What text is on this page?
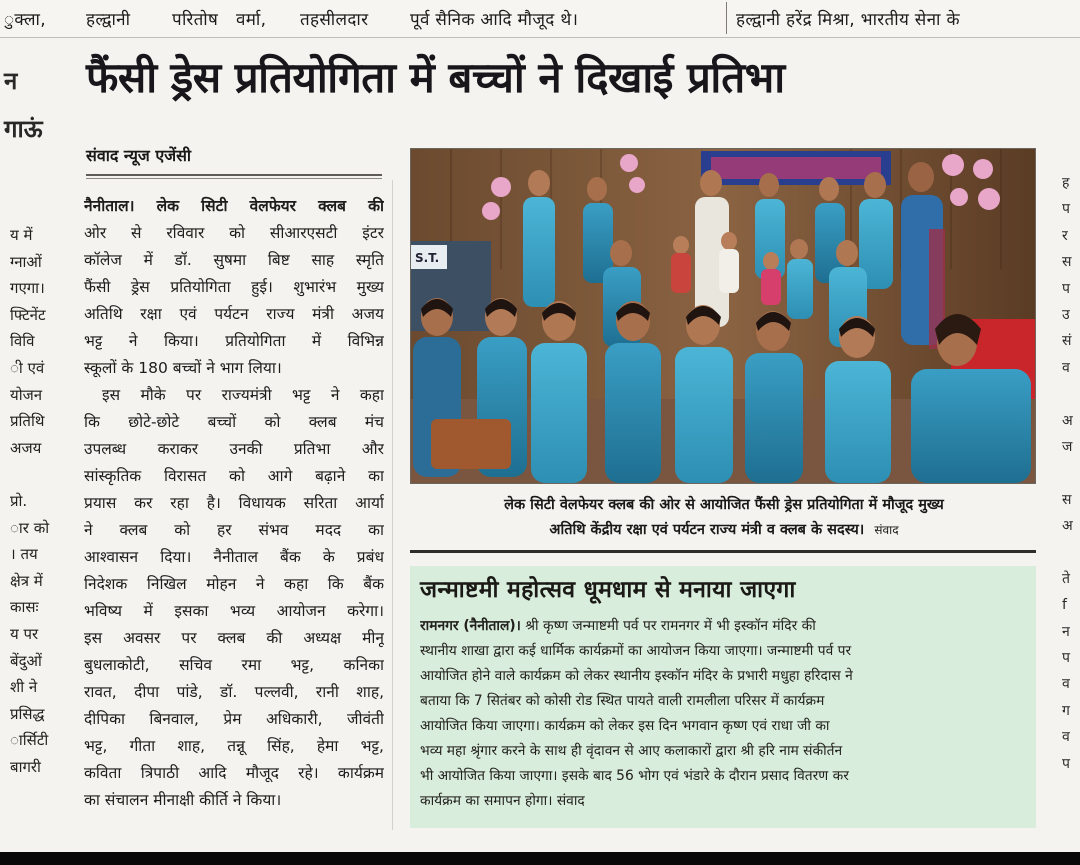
ुक्ला, हल्द्वानी परितोष वर्मा, तहसीलदार पूर्व सैनिक आदि मौजूद थे।	हल्द्वानी हरेंद्र मिश्रा, भारतीय सेना के
न
गाऊं
य में
ग्नाओं
गएगा।
फ्टिनेंट
विवि
ी एवं
योजन
प्रतिथि
अजय
प्रो.
ार को
। तय
क्षेत्र में
कासः
य पर
बेंदुओं
शी ने
प्रसिद्ध
ार्सिटी
बागरी
फैंसी ड्रेस प्रतियोगिता में बच्चों ने दिखाई प्रतिभा
संवाद न्यूज एजेंसी
नैनीताल। लेक सिटी वेलफेयर क्लब की
ओर से रविवार को सीआरएसटी इंटर
कॉलेज में डॉ. सुषमा बिष्ट साह स्मृति
फैंसी ड्रेस प्रतियोगिता हुई। शुभारंभ मुख्य
अतिथि रक्षा एवं पर्यटन राज्य मंत्री अजय
भट्ट ने किया। प्रतियोगिता में विभिन्न
स्कूलों के 180 बच्चों ने भाग लिया।
इस मौके पर राज्यमंत्री भट्ट ने कहा
कि छोटे-छोटे बच्चों को क्लब मंच
उपलब्ध कराकर उनकी प्रतिभा और
सांस्कृतिक विरासत को आगे बढ़ाने का
प्रयास कर रहा है। विधायक सरिता आर्या
ने क्लब को हर संभव मदद का
आश्वासन दिया। नैनीताल बैंक के प्रबंध
निदेशक निखिल मोहन ने कहा कि बैंक
भविष्य में इसका भव्य आयोजन करेगा।
इस अवसर पर क्लब की अध्यक्ष मीनू
बुधलाकोटी, सचिव रमा भट्ट, कनिका
रावत, दीपा पांडे, डॉ. पल्लवी, रानी शाह,
दीपिका बिनवाल, प्रेम अधिकारी, जीवंती
भट्ट, गीता शाह, तन्नू सिंह, हेमा भट्ट,
कविता त्रिपाठी आदि मौजूद रहे। कार्यक्रम
का संचालन मीनाक्षी कीर्ति ने किया।
S.T.
लेक सिटी वेलफेयर क्लब की ओर से आयोजित फैंसी ड्रेस प्रतियोगिता में मौजूद मुख्य
अतिथि केंद्रीय रक्षा एवं पर्यटन राज्य मंत्री व क्लब के सदस्य। संवाद
जन्माष्टमी महोत्सव धूमधाम से मनाया जाएगा
रामनगर (नैनीताल)। श्री कृष्ण जन्माष्टमी पर्व पर रामनगर में भी इस्कॉन मंदिर की
स्थानीय शाखा द्वारा कई धार्मिक कार्यक्रमों का आयोजन किया जाएगा। जन्माष्टमी पर्व पर
आयोजित होने वाले कार्यक्रम को लेकर स्थानीय इस्कॉन मंदिर के प्रभारी मधुहा हरिदास ने
बताया कि 7 सितंबर को कोसी रोड स्थित पायते वाली रामलीला परिसर में कार्यक्रम
आयोजित किया जाएगा। कार्यक्रम को लेकर इस दिन भगवान कृष्ण एवं राधा जी का
भव्य महा श्रृंगार करने के साथ ही वृंदावन से आए कलाकारों द्वारा श्री हरि नाम संकीर्तन
भी आयोजित किया जाएगा। इसके बाद 56 भोग एवं भंडारे के दौरान प्रसाद वितरण कर
कार्यक्रम का समापन होगा। संवाद
ह
प
र
स
प
उ
सं
व
अ
ज
स
अ
ते
f
न
प
व
ग
व
प
